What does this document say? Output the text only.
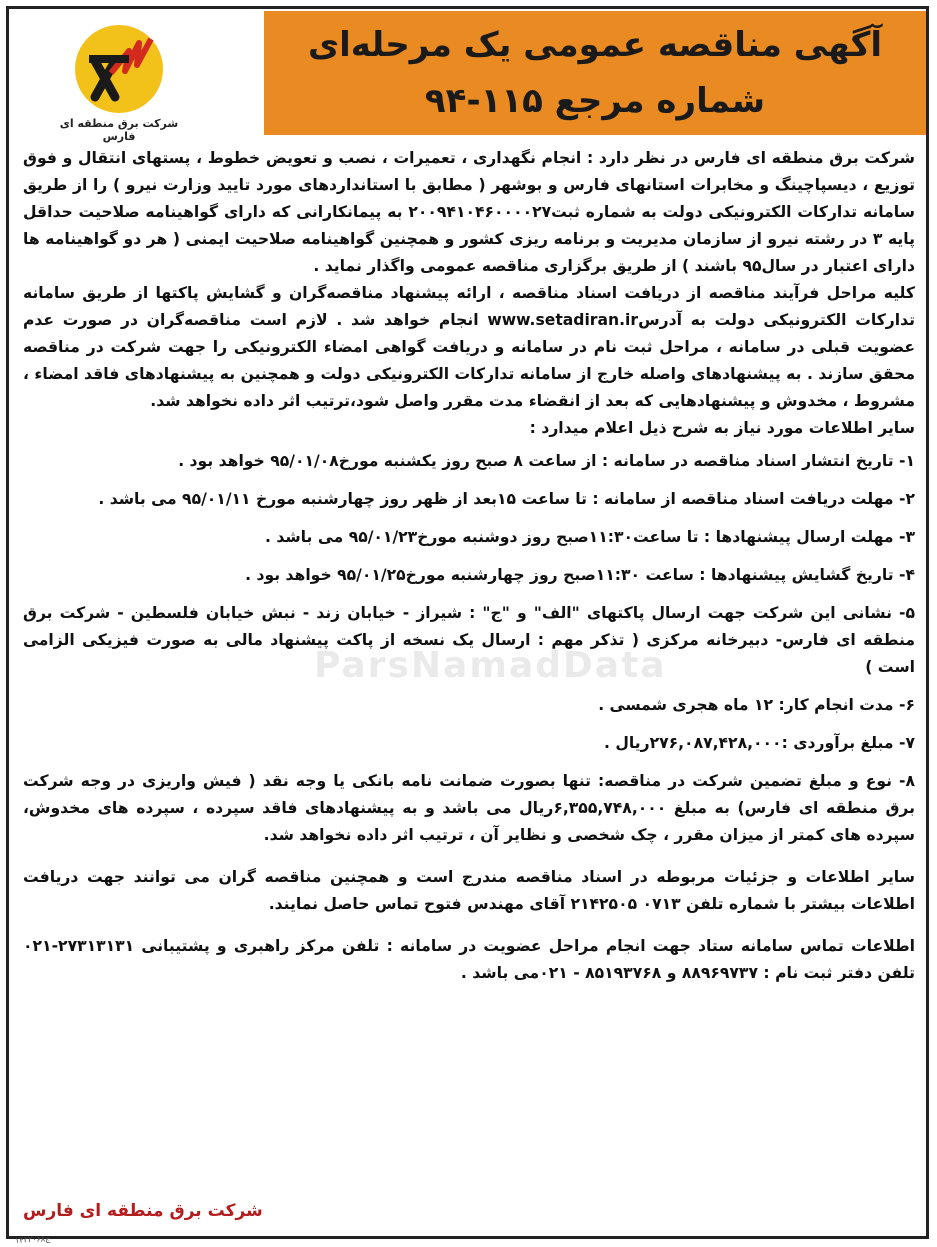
شرکت برق منطقه ای فارس
آگهی مناقصه عمومی یک مرحله‌ای
شماره مرجع ۱۱۵-۹۴
ParsNamadData

شرکت برق منطقه ای فارس در نظر دارد : انجام نگهداری ، تعمیرات ، نصب و تعویض خطوط ، پستهای انتقال و فوق توزیع ، دیسپاچینگ و مخابرات استانهای فارس و بوشهر ( مطابق با استانداردهای مورد تایید وزارت نیرو ) را از طریق سامانه تدارکات الکترونیکی دولت به شماره ثبت۲۰۰۹۴۱۰۴۶۰۰۰۰۲۷ به پیمانکارانی که دارای گواهینامه صلاحیت حداقل پایه ۳ در رشته نیرو از سازمان مدیریت و برنامه ریزی کشور و همچنین گواهینامه صلاحیت ایمنی ( هر دو گواهینامه ها دارای اعتبار در سال۹۵ باشند ) از طریق برگزاری مناقصه عمومی واگذار نماید .

کلیه مراحل فرآیند مناقصه از دریافت اسناد مناقصه ، ارائه پیشنهاد مناقصه‌گران و گشایش پاکتها از طریق سامانه تدارکات الکترونیکی دولت به آدرسwww.setadiran.ir انجام خواهد شد . لازم است مناقصه‌گران در صورت عدم عضویت قبلی در سامانه ، مراحل ثبت نام در سامانه و دریافت گواهی امضاء الکترونیکی را جهت شرکت در مناقصه محقق سازند . به پیشنهادهای واصله خارج از سامانه تدارکات الکترونیکی دولت و همچنین به پیشنهادهای فاقد امضاء ، مشروط ، مخدوش و پیشنهادهایی که بعد از انقضاء مدت مقرر واصل شود،ترتیب اثر داده نخواهد شد.

سایر اطلاعات مورد نیاز به شرح ذیل اعلام میدارد :

۱- تاریخ انتشار اسناد مناقصه در سامانه : از ساعت ۸ صبح روز یکشنبه مورخ۹۵/۰۱/۰۸ خواهد بود .

۲- مهلت دریافت اسناد مناقصه از سامانه : تا ساعت ۱۵بعد از ظهر روز چهارشنبه مورخ ۹۵/۰۱/۱۱ می باشد .

۳- مهلت ارسال پیشنهادها : تا ساعت۱۱:۳۰صبح روز دوشنبه مورخ۹۵/۰۱/۲۳ می باشد .

۴- تاریخ گشایش پیشنهادها : ساعت ۱۱:۳۰صبح روز چهارشنبه مورخ۹۵/۰۱/۲۵ خواهد بود .

۵- نشانی این شرکت جهت ارسال پاکتهای "الف" و "ج" : شیراز - خیابان زند - نبش خیابان فلسطین - شرکت برق منطقه ای فارس- دبیرخانه مرکزی ( تذکر مهم : ارسال یک نسخه از پاکت پیشنهاد مالی به صورت فیزیکی الزامی است )

۶- مدت انجام کار: ۱۲ ماه هجری شمسی .

۷- مبلغ برآوردی :۲۷۶,۰۸۷,۴۲۸,۰۰۰ریال .

۸- نوع و مبلغ تضمین شرکت در مناقصه: تنها بصورت ضمانت نامه بانکی یا وجه نقد ( فیش واریزی در وجه شرکت برق منطقه ای فارس) به مبلغ ۶,۳۵۵,۷۴۸,۰۰۰ریال می باشد و به پیشنهادهای فاقد سپرده ، سپرده های مخدوش، سپرده های کمتر از میزان مقرر ، چک شخصی و نظایر آن ، ترتیب اثر داده نخواهد شد.

سایر اطلاعات و جزئیات مربوطه در اسناد مناقصه مندرج است و همچنین مناقصه گران می توانند جهت دریافت اطلاعات بیشتر با شماره تلفن ۰۷۱۳ ۲۱۴۲۵۰۵ آقای مهندس فتوح تماس حاصل نمایند.

اطلاعات تماس سامانه ستاد جهت انجام مراحل عضویت در سامانه : تلفن مرکز راهبری و پشتیبانی ۲۷۳۱۳۱۳۱-۰۲۱ تلفن دفتر ثبت نام : ۸۸۹۶۹۷۳۷ و ۸۵۱۹۳۷۶۸ - ۰۲۱می باشد .

شرکت برق منطقه ای فارس
۱۴۳۲۰۶۸ج
